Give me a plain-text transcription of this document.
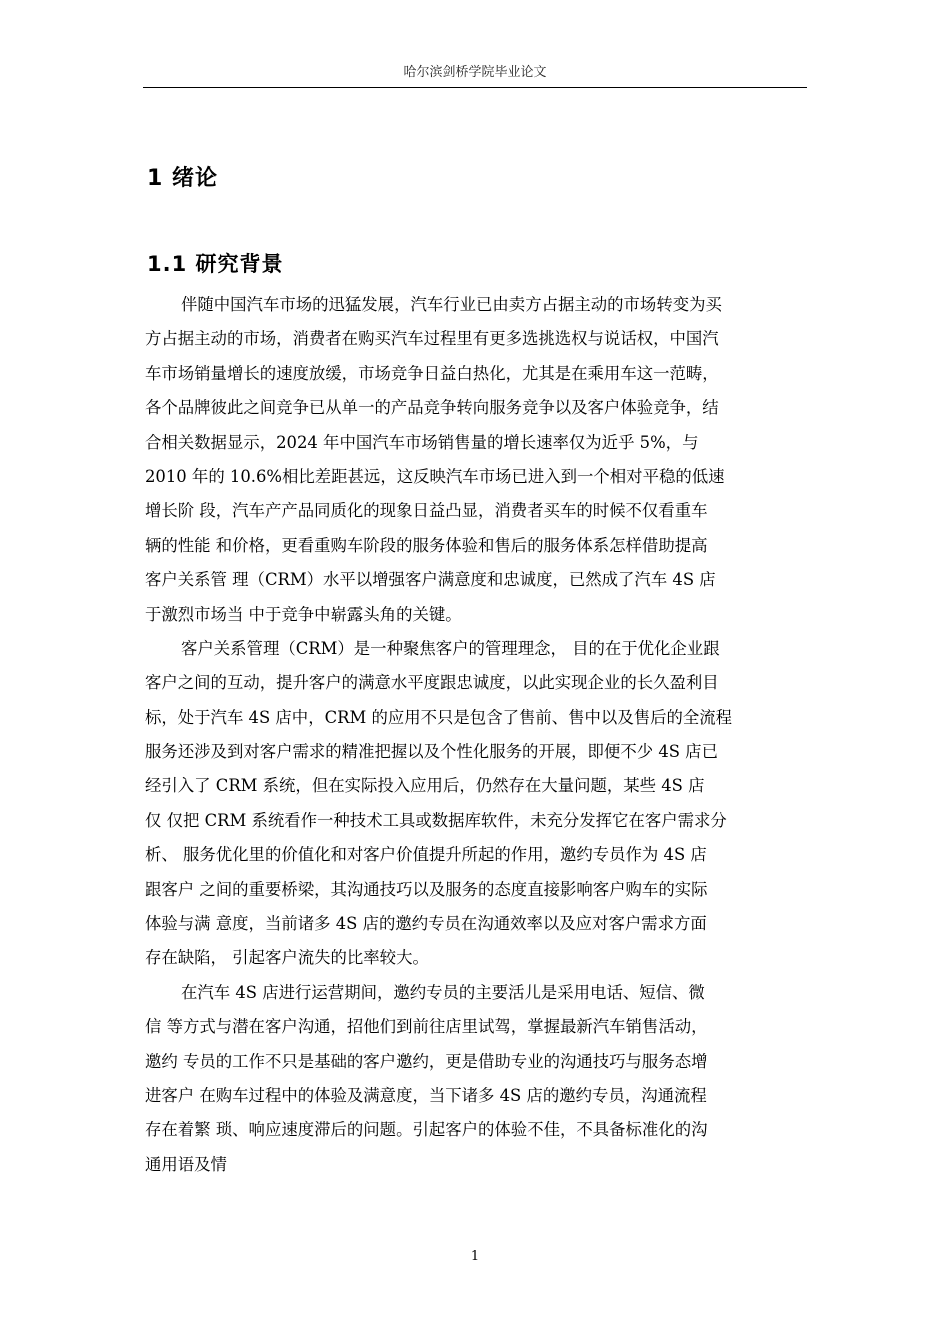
哈尔滨剑桥学院毕业论文
1 绪论
1.1 研究背景
伴随中国汽车市场的迅猛发展，汽车行业已由卖方占据主动的市场转变为买
方占据主动的市场，消费者在购买汽车过程里有更多选挑选权与说话权，中国汽
车市场销量增长的速度放缓，市场竞争日益白热化，尤其是在乘用车这一范畴，
各个品牌彼此之间竞争已从单一的产品竞争转向服务竞争以及客户体验竞争，结
合相关数据显示，2024 年中国汽车市场销售量的增长速率仅为近乎 5%，与
2010 年的 10.6%相比差距甚远，这反映汽车市场已进入到一个相对平稳的低速
增长阶 段，汽车产产品同质化的现象日益凸显，消费者买车的时候不仅看重车
辆的性能 和价格，更看重购车阶段的服务体验和售后的服务体系怎样借助提高
客户关系管 理（CRM）水平以增强客户满意度和忠诚度，已然成了汽车 4S 店
于激烈市场当 中于竞争中崭露头角的关键。
客户关系管理（CRM）是一种聚焦客户的管理理念， 目的在于优化企业跟
客户之间的互动，提升客户的满意水平度跟忠诚度，以此实现企业的长久盈利目
标，处于汽车 4S 店中，CRM 的应用不只是包含了售前、售中以及售后的全流程
服务还涉及到对客户需求的精准把握以及个性化服务的开展，即便不少 4S 店已
经引入了 CRM 系统，但在实际投入应用后，仍然存在大量问题，某些 4S 店
仅 仅把 CRM 系统看作一种技术工具或数据库软件，未充分发挥它在客户需求分
析、 服务优化里的价值化和对客户价值提升所起的作用，邀约专员作为 4S 店
跟客户 之间的重要桥梁，其沟通技巧以及服务的态度直接影响客户购车的实际
体验与满 意度，当前诸多 4S 店的邀约专员在沟通效率以及应对客户需求方面
存在缺陷， 引起客户流失的比率较大。
在汽车 4S 店进行运营期间，邀约专员的主要活儿是采用电话、短信、微
信 等方式与潜在客户沟通，招他们到前往店里试驾，掌握最新汽车销售活动，
邀约 专员的工作不只是基础的客户邀约，更是借助专业的沟通技巧与服务态增
进客户 在购车过程中的体验及满意度，当下诸多 4S 店的邀约专员，沟通流程
存在着繁 琐、响应速度滞后的问题。引起客户的体验不佳，不具备标准化的沟
通用语及情
1
